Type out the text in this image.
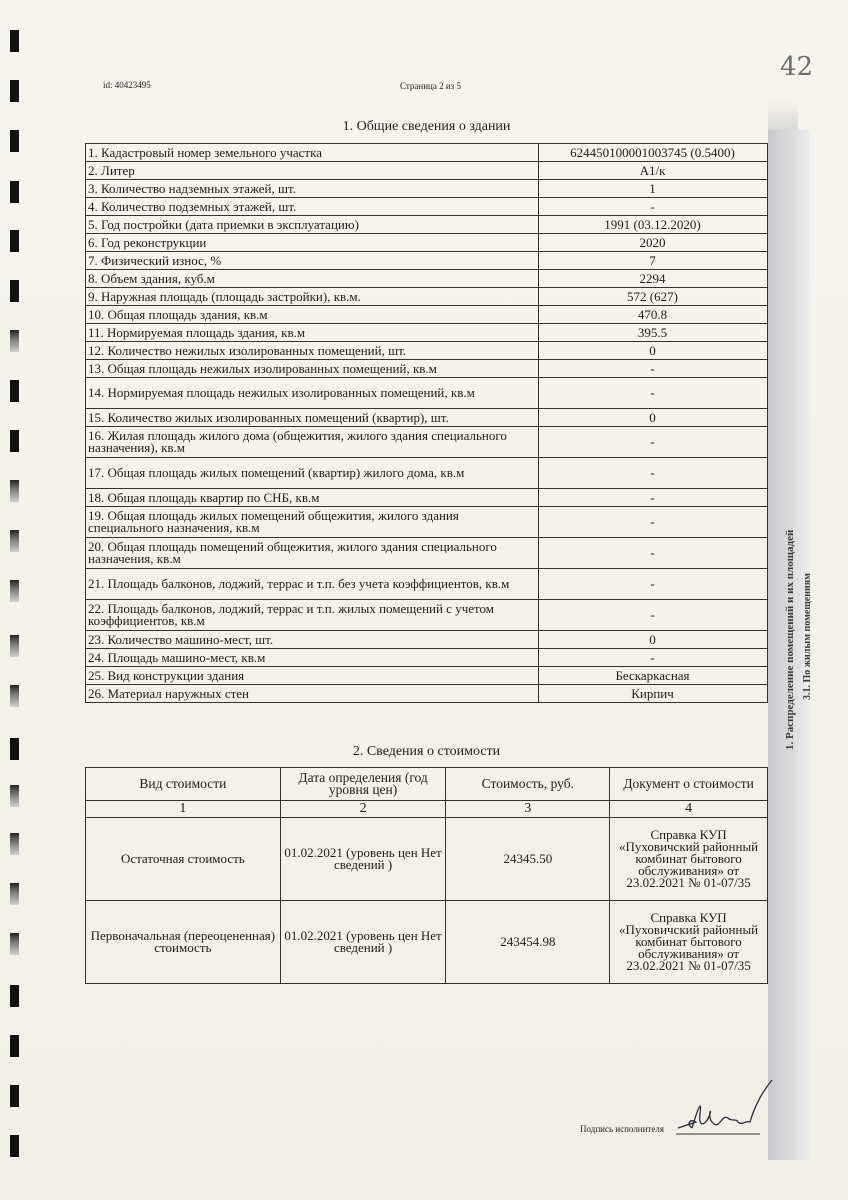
1. Распределение помещений и их площадей 3.1. По жилым помещениям
42
id: 40423495	Страница 2 из 5
1. Общие сведения о здании
1. Кадастровый номер земельного участка	624450100001003745 (0.5400)
2. Литер	А1/к
3. Количество надземных этажей, шт.	1
4. Количество подземных этажей, шт.	-
5. Год постройки (дата приемки в эксплуатацию)	1991 (03.12.2020)
6. Год реконструкции	2020
7. Физический износ, %	7
8. Объем здания, куб.м	2294
9. Наружная площадь (площадь застройки), кв.м.	572 (627)
10. Общая площадь здания, кв.м	470.8
11. Нормируемая площадь здания, кв.м	395.5
12. Количество нежилых изолированных помещений, шт.	0
13. Общая площадь нежилых изолированных помещений, кв.м	-
14. Нормируемая площадь нежилых изолированных помещений, кв.м	-
15. Количество жилых изолированных помещений (квартир), шт.	0
16. Жилая площадь жилого дома (общежития, жилого здания специального назначения), кв.м	-
17. Общая площадь жилых помещений (квартир) жилого дома, кв.м	-
18. Общая площадь квартир по СНБ, кв.м	-
19. Общая площадь жилых помещений общежития, жилого здания специального назначения, кв.м	-
20. Общая площадь помещений общежития, жилого здания специального назначения, кв.м	-
21. Площадь балконов, лоджий, террас и т.п. без учета коэффициентов, кв.м	-
22. Площадь балконов, лоджий, террас и т.п. жилых помещений с учетом коэффициентов, кв.м	-
23. Количество машино-мест, шт.	0
24. Площадь машино-мест, кв.м	-
25. Вид конструкции здания	Бескаркасная
26. Материал наружных стен	Кирпич
2. Сведения о стоимости
Вид стоимости	Дата определения (год уровня цен)	Стоимость, руб.	Документ о стоимости
1	2	3	4
Остаточная стоимость	01.02.2021 (уровень цен Нет сведений )	24345.50	Справка КУП «Пуховичский районный комбинат бытового обслуживания» от 23.02.2021 № 01-07/35
Первоначальная (переоцененная) стоимость	01.02.2021 (уровень цен Нет сведений )	243454.98	Справка КУП «Пуховичский районный комбинат бытового обслуживания» от 23.02.2021 № 01-07/35
Подпись исполнителя
